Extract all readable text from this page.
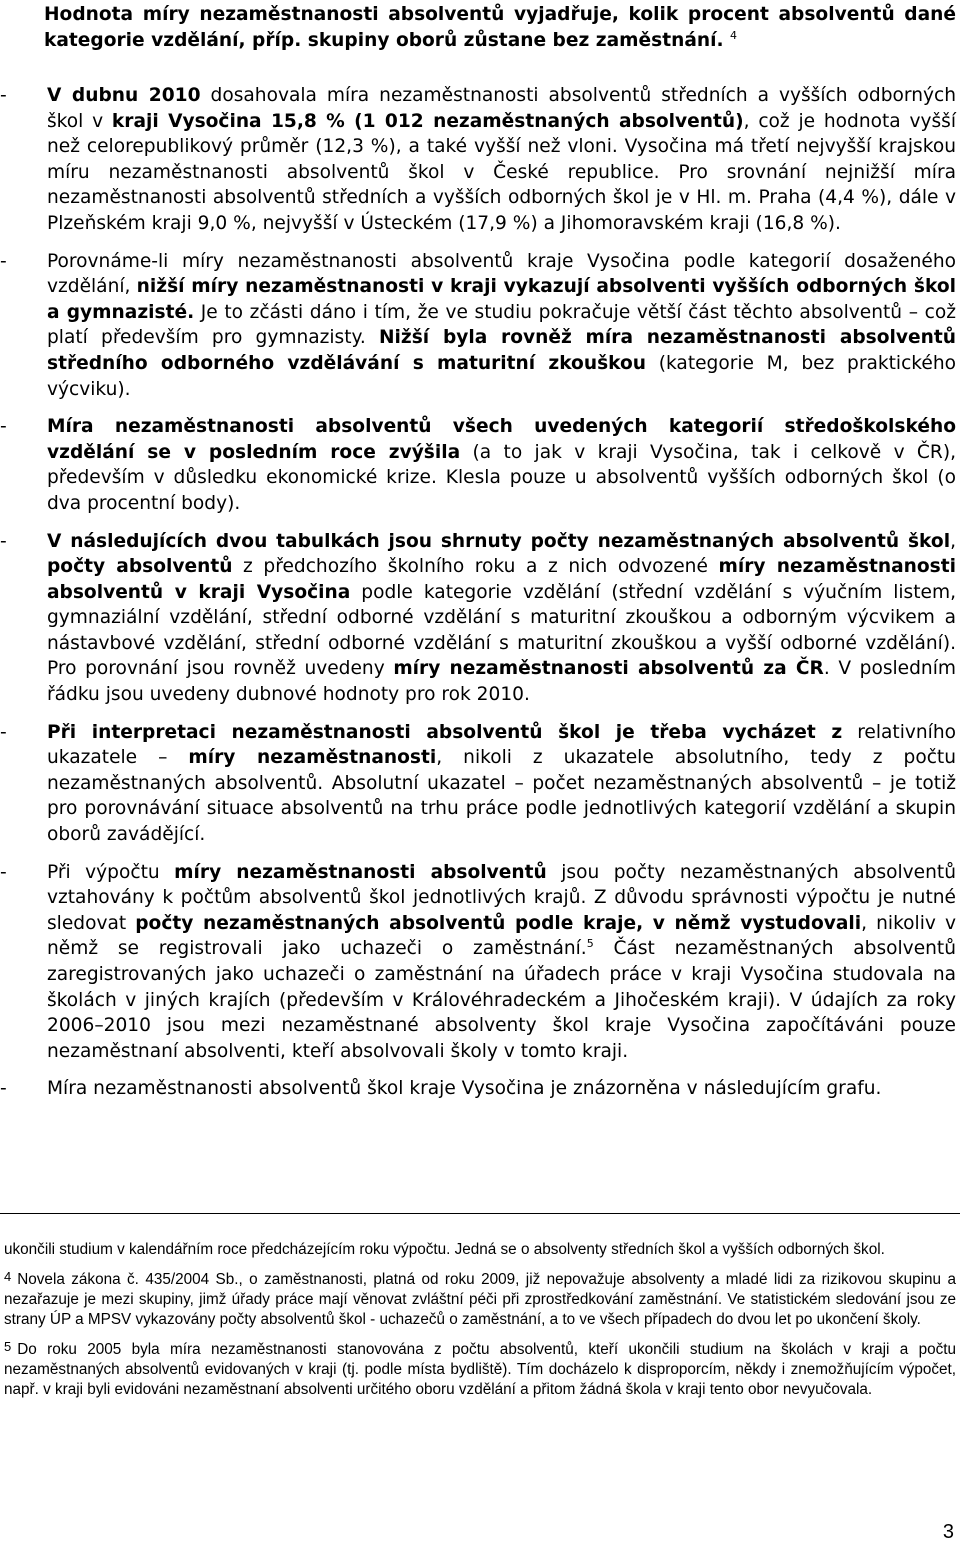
Hodnota míry nezaměstnanosti absolventů vyjadřuje, kolik procent absolventů dané kategorie vzdělání, příp. skupiny oborů zůstane bez zaměstnání. $^4$
-	V dubnu 2010 dosahovala míra nezaměstnanosti absolventů středních a vyšších odborných škol v kraji Vysočina 15,8 % (1 012 nezaměstnaných absolventů), což je hodnota vyšší než celorepublikový průměr (12,3 %), a také vyšší než vloni. Vysočina má třetí nejvyšší krajskou míru nezaměstnanosti absolventů škol v České republice. Pro srovnání nejnižší míra nezaměstnanosti absolventů středních a vyšších odborných škol je v Hl. m. Praha (4,4 %), dále v Plzeňském kraji 9,0 %, nejvyšší v Ústeckém (17,9 %) a Jihomoravském kraji (16,8 %).
-	Porovnáme-li míry nezaměstnanosti absolventů kraje Vysočina podle kategorií dosaženého vzdělání, nižší míry nezaměstnanosti v kraji vykazují absolventi vyšších odborných škol a gymnazisté. Je to zčásti dáno i tím, že ve studiu pokračuje větší část těchto absolventů – což platí především pro gymnazisty. Nižší byla rovněž míra nezaměstnanosti absolventů středního odborného vzdělávání s maturitní zkouškou (kategorie M, bez praktického výcviku).
-	Míra nezaměstnanosti absolventů všech uvedených kategorií středoškolského vzdělání se v posledním roce zvýšila (a to jak v kraji Vysočina, tak i celkově v ČR), především v důsledku ekonomické krize. Klesla pouze u absolventů vyšších odborných škol (o dva procentní body).
-	V následujících dvou tabulkách jsou shrnuty počty nezaměstnaných absolventů škol, počty absolventů z předchozího školního roku a z nich odvozené míry nezaměstnanosti absolventů v kraji Vysočina podle kategorie vzdělání (střední vzdělání s výučním listem, gymnaziální vzdělání, střední odborné vzdělání s maturitní zkouškou a odborným výcvikem a nástavbové vzdělání, střední odborné vzdělání s maturitní zkouškou a vyšší odborné vzdělání). Pro porovnání jsou rovněž uvedeny míry nezaměstnanosti absolventů za ČR. V posledním řádku jsou uvedeny dubnové hodnoty pro rok 2010.
-	Při interpretaci nezaměstnanosti absolventů škol je třeba vycházet z relativního ukazatele – míry nezaměstnanosti, nikoli z ukazatele absolutního, tedy z počtu nezaměstnaných absolventů. Absolutní ukazatel – počet nezaměstnaných absolventů – je totiž pro porovnávání situace absolventů na trhu práce podle jednotlivých kategorií vzdělání a skupin oborů zavádějící.
-	Při výpočtu míry nezaměstnanosti absolventů jsou počty nezaměstnaných absolventů vztahovány k počtům absolventů škol jednotlivých krajů. Z důvodu správnosti výpočtu je nutné sledovat počty nezaměstnaných absolventů podle kraje, v němž vystudovali, nikoliv v němž se registrovali jako uchazeči o zaměstnání.$^5$ Část nezaměstnaných absolventů zaregistrovaných jako uchazeči o zaměstnání na úřadech práce v kraji Vysočina studovala na školách v jiných krajích (především v Královéhradeckém a Jihočeském kraji). V údajích za roky 2006–2010 jsou mezi nezaměstnané absolventy škol kraje Vysočina započítáváni pouze nezaměstnaní absolventi, kteří absolvovali školy v tomto kraji.
-	Míra nezaměstnanosti absolventů škol kraje Vysočina je znázorněna v následujícím grafu.

ukončili studium v kalendářním roce předcházejícím roku výpočtu. Jedná se o absolventy středních škol a vyšších odborných škol.

$^4$ Novela zákona č. 435/2004 Sb., o zaměstnanosti, platná od roku 2009, již nepovažuje absolventy a mladé lidi za rizikovou skupinu a nezařazuje je mezi skupiny, jimž úřady práce mají věnovat zvláštní péči při zprostředkování zaměstnání. Ve statistickém sledování jsou ze strany ÚP a MPSV vykazovány počty absolventů škol - uchazečů o zaměstnání, a to ve všech případech do dvou let po ukončení školy.

$^5$ Do roku 2005 byla míra nezaměstnanosti stanovována z počtu absolventů, kteří ukončili studium na školách v kraji a počtu nezaměstnaných absolventů evidovaných v kraji (tj. podle místa bydliště). Tím docházelo k disproporcím, někdy i znemožňujícím výpočet, např. v kraji byli evidováni nezaměstnaní absolventi určitého oboru vzdělání a přitom žádná škola v kraji tento obor nevyučovala.

3
